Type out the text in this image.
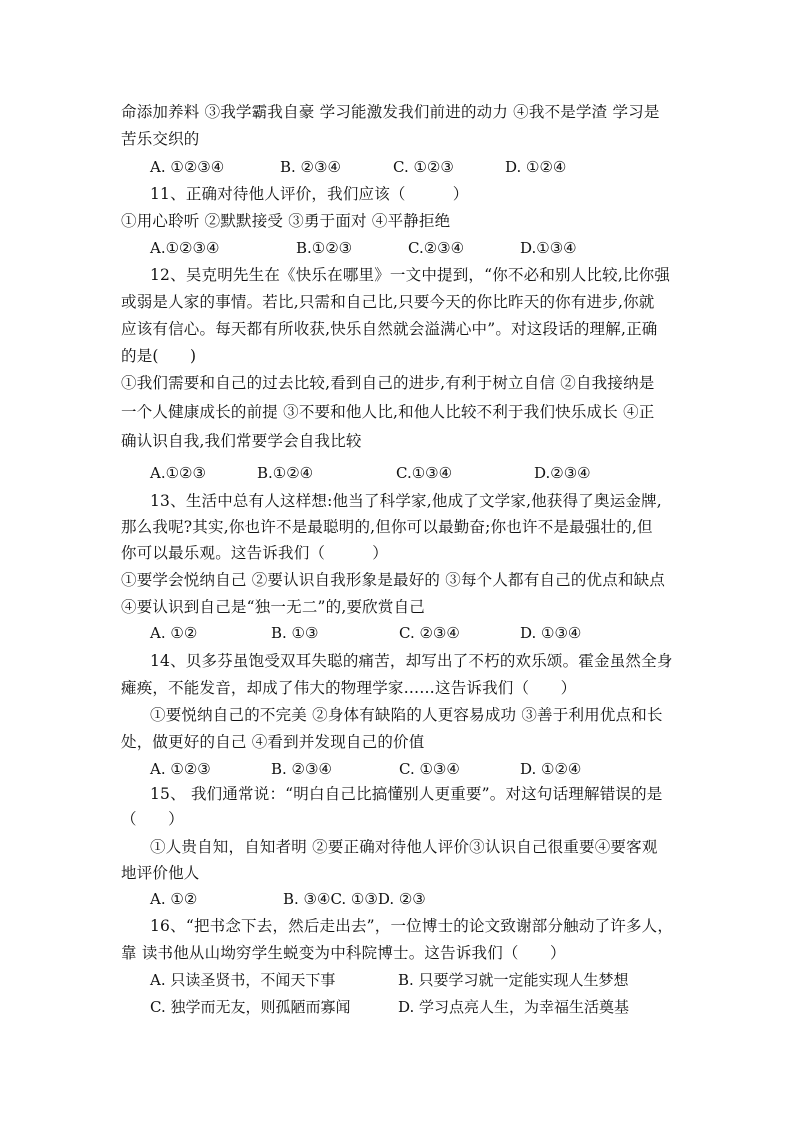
命添加养料 ③我学霸我自豪 学习能激发我们前进的动力 ④我不是学渣 学习是
苦乐交织的
A. ①②③④	B. ②③④	C. ①②③	D. ①②④
11、正确对待他人评价，我们应该（　　　）
①用心聆听 ②默默接受 ③勇于面对 ④平静拒绝
A.①②③④	B.①②③	C.②③④	D.①③④
12、吴克明先生在《快乐在哪里》一文中提到，“你不必和别人比较,比你强
或弱是人家的事情。若比,只需和自己比,只要今天的你比昨天的你有进步,你就
应该有信心。每天都有所收获,快乐自然就会溢满心中”。对这段话的理解,正确
的是(　　)
①我们需要和自己的过去比较,看到自己的进步,有利于树立自信 ②自我接纳是
一个人健康成长的前提 ③不要和他人比,和他人比较不利于我们快乐成长 ④正
确认识自我,我们常要学会自我比较
A.①②③	B.①②④	C.①③④	D.②③④
13、生活中总有人这样想:他当了科学家,他成了文学家,他获得了奥运金牌,
那么我呢?其实,你也许不是最聪明的,但你可以最勤奋;你也许不是最强壮的,但
你可以最乐观。这告诉我们（　　　）
①要学会悦纳自己 ②要认识自我形象是最好的 ③每个人都有自己的优点和缺点
④要认识到自己是“独一无二”的,要欣赏自己
A. ①②	B. ①③	C. ②③④	D. ①③④
14、贝多芬虽饱受双耳失聪的痛苦，却写出了不朽的欢乐颂。霍金虽然全身
瘫痪，不能发音，却成了伟大的物理学家……这告诉我们（　　）
①要悦纳自己的不完美 ②身体有缺陷的人更容易成功 ③善于利用优点和长
处，做更好的自己 ④看到并发现自己的价值
A. ①②③	B. ②③④	C. ①③④	D. ①②④
15、 我们通常说：“明白自己比搞懂别人更重要”。对这句话理解错误的是
（　　）
①人贵自知，自知者明 ②要正确对待他人评价③认识自己很重要④要客观
地评价他人
A. ①②	B. ③④C. ①③D. ②③
16、“把书念下去，然后走出去”，一位博士的论文致谢部分触动了许多人，
靠 读书他从山坳穷学生蜕变为中科院博士。这告诉我们（　　）
A. 只读圣贤书，不闻天下事	B. 只要学习就一定能实现人生梦想
C. 独学而无友，则孤陋而寡闻	D. 学习点亮人生，为幸福生活奠基
